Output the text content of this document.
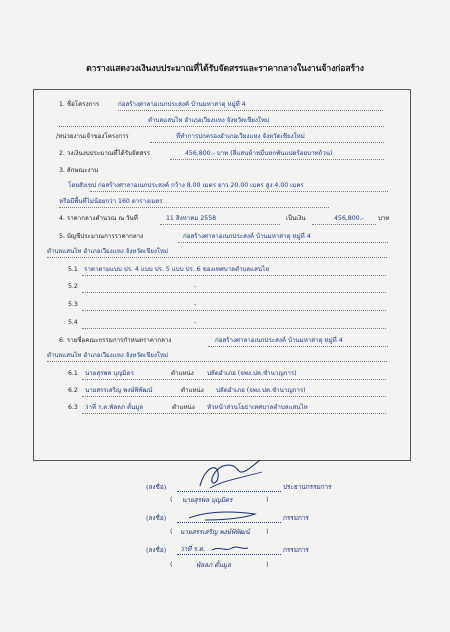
ตารางแสดงวงเงินงบประมาณที่ได้รับจัดสรรและราคากลางในงานจ้างก่อสร้าง
1. ชื่อโครงการ	ก่อสร้างศาลาอเนกประสงค์ บ้านมหาสาตุ หมู่ที่ 4
ตำบลแสนไห อำเภอเวียงแหง จังหวัดเชียงใหม่
/หน่วยงานเจ้าของโครงการ	ที่ทำการปกครองอำเภอเวียงแหง จังหวัดเชียงใหม่
2. วงเงินงบประมาณที่ได้รับจัดสรร	456,800.- บาท (สี่แสนห้าหมื่นหกพันแปดร้อยบาทถ้วน)
3. ลักษณะงาน
โดยสังเขป ก่อสร้างศาลาอเนกประสงค์ กว้าง 8.00 เมตร ยาว 20.00 เมตร สูง 4.00 เมตร
หรือมีพื้นที่ไม่น้อยกว่า 160 ตารางเมตร
4. ราคากลางคำนวณ ณ วันที่	11 สิงหาคม 2558	เป็นเงิน	456,800.- บาท
5. บัญชีประมาณการราคากลาง	ก่อสร้างศาลาอเนกประสงค์ บ้านมหาสาตุ หมู่ที่ 4
ตำบลแสนไห อำเภอเวียงแหง จังหวัดเชียงใหม่
5.1 ราคาตามแบบ ปร. 4 แบบ ปร. 5 แบบ ปร. 6 ของเทศบาลตำบลแสนไห
5.2	-
5.3	-
5.4	-
6. รายชื่อคณะกรรมการกำหนดราคากลาง	ก่อสร้างศาลาอเนกประสงค์ บ้านมหาสาตุ หมู่ที่ 4
ตำบลแสนไห อำเภอเวียงแหง จังหวัดเชียงใหม่
6.1 นายสุรพล บุญมิตร	ตำแหน่ง ปลัดอำเภอ (จพง.ปค.ชำนาญการ)
6.2 นายสรรเสริญ พงษ์พิพัฒน์	ตำแหน่ง ปลัดอำเภอ (จพง.ปค.ชำนาญการ)
6.3 ว่าที่ ร.ต.พัลลภ ตั้นมูล	ตำแหน่ง หัวหน้าส่วนโยธาเทศบาลตำบลแสนไห
(ลงชื่อ)	ประธานกรรมการ
( นายสุรพล บุญมิตร	)
(ลงชื่อ)	กรรมการ
( นายสรรเสริญ พงษ์พิพัฒน์	)
(ลงชื่อ) ว่าที่ ร.ต.	กรรมการ
(	พัลลภ ตั้นมูล	)
